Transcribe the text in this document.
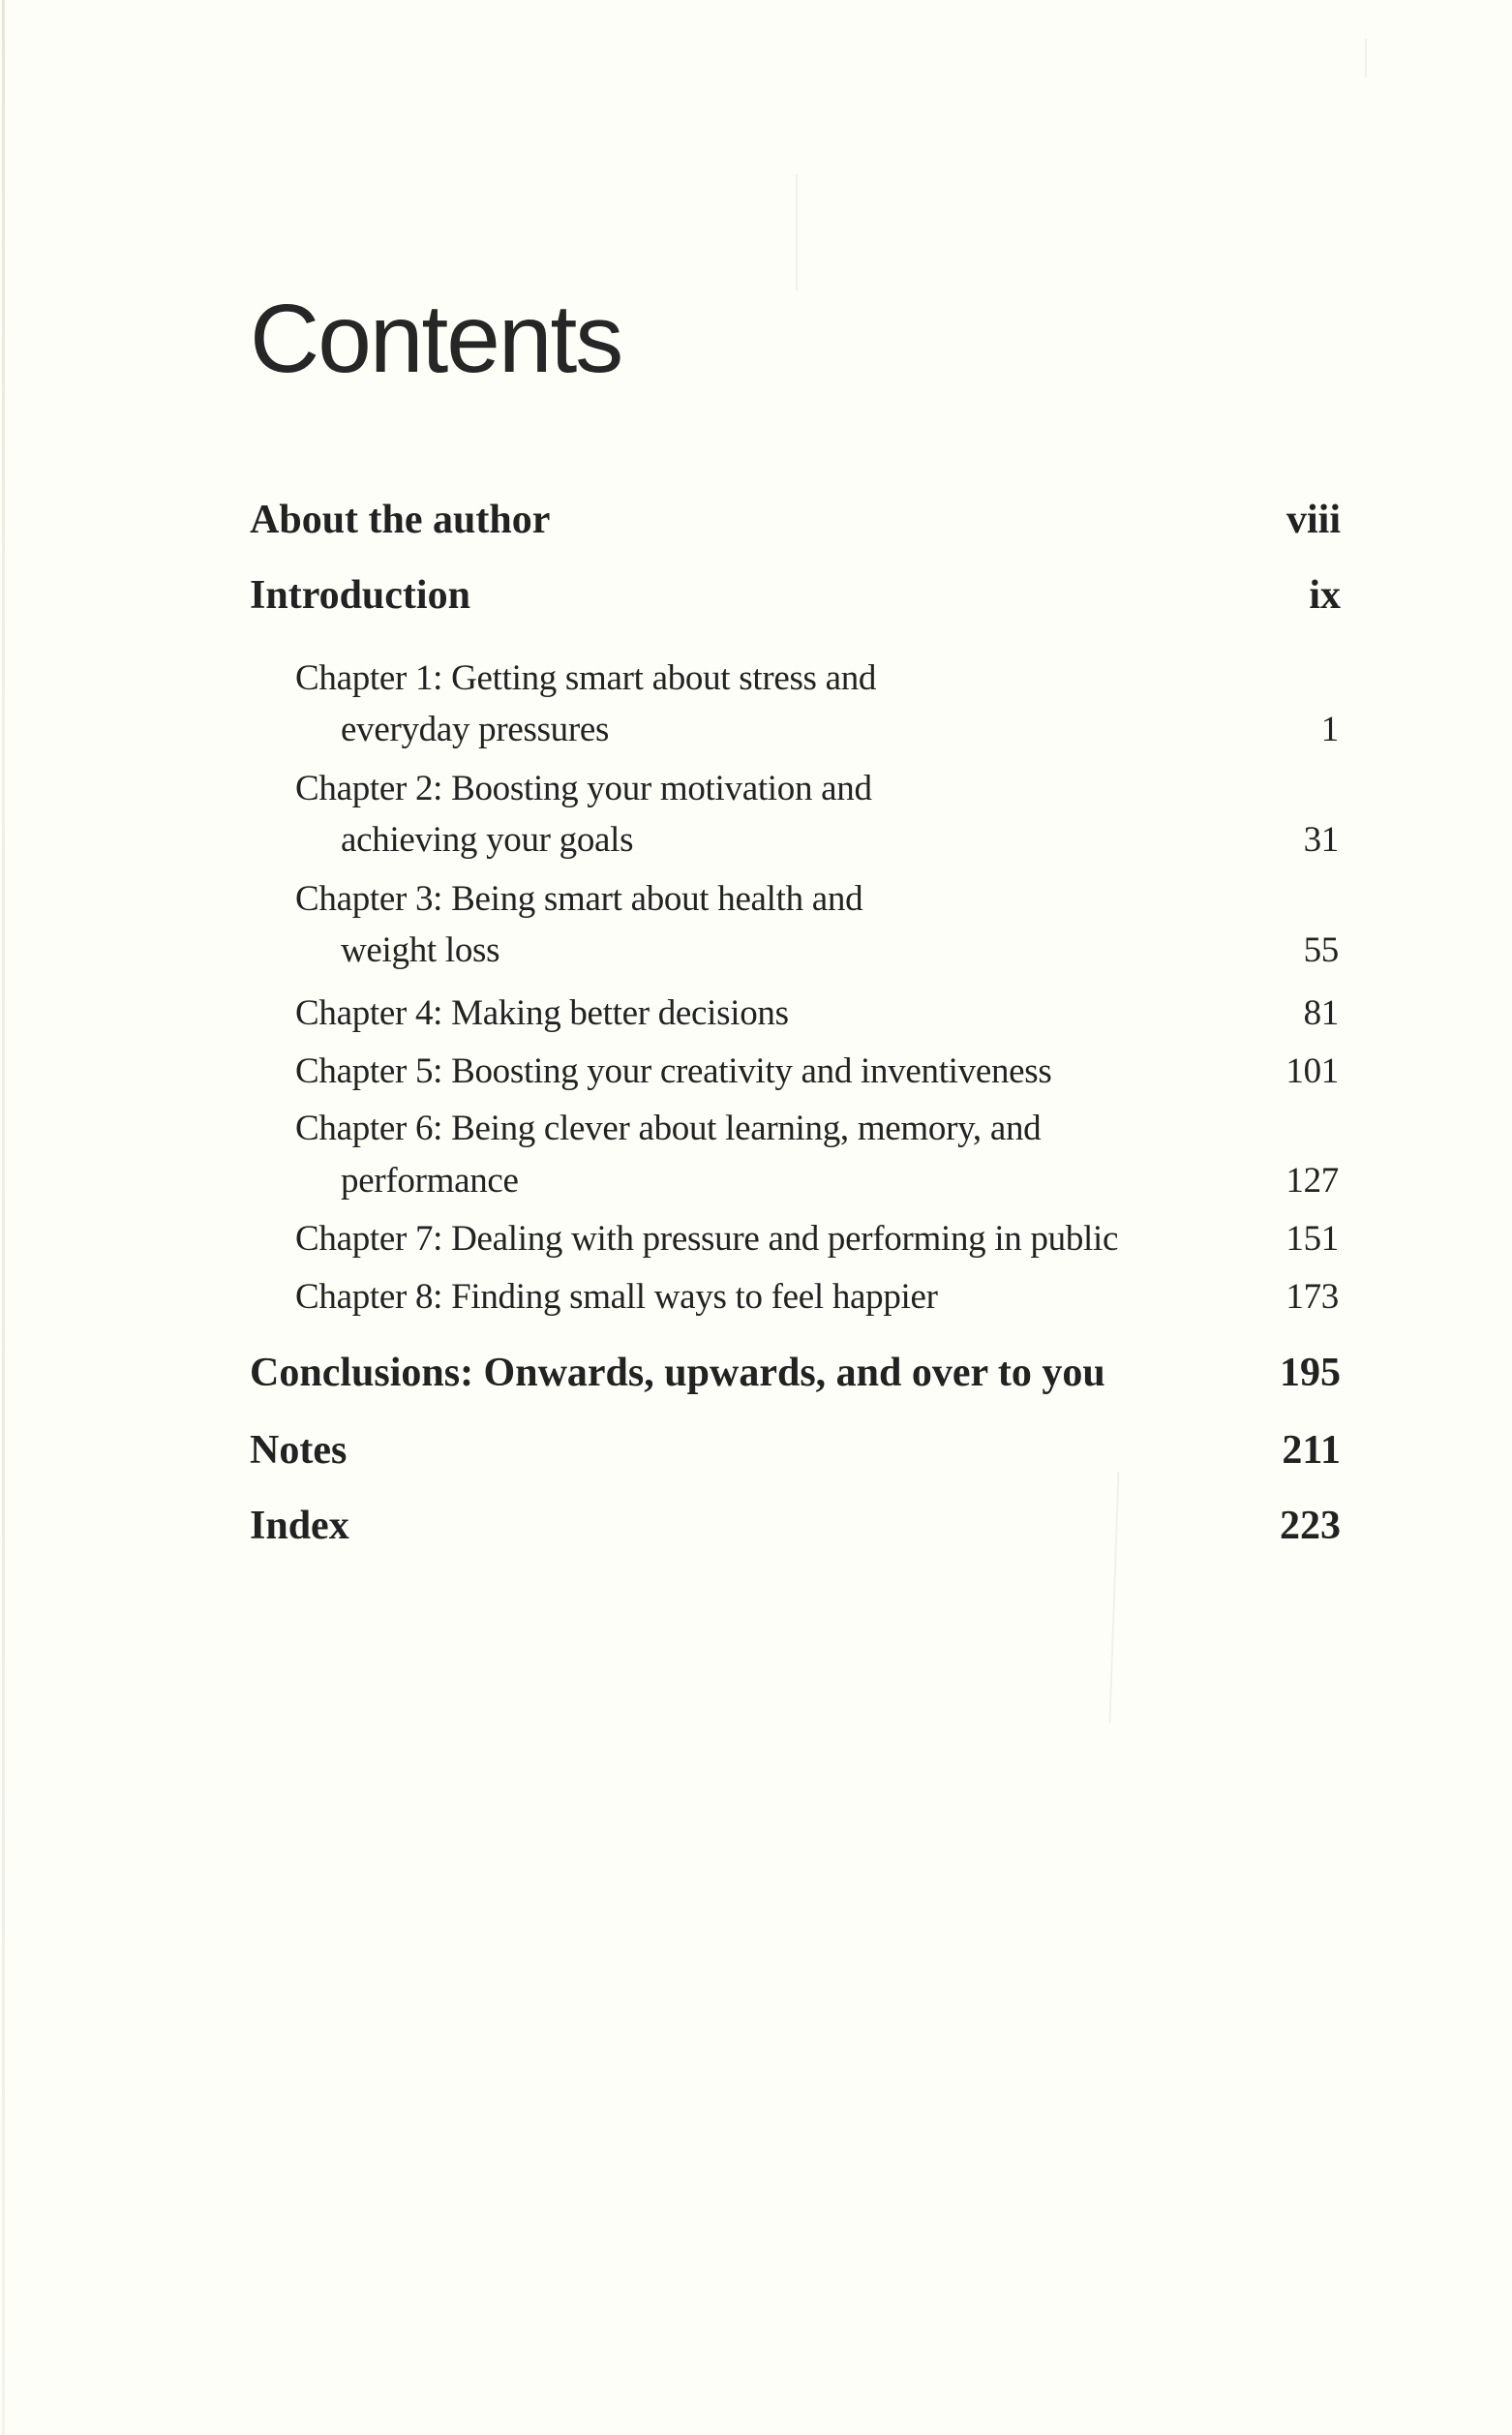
Contents
About the author	viii
Introduction	ix
Chapter 1: Getting smart about stress and
everyday pressures	1
Chapter 2: Boosting your motivation and
achieving your goals	31
Chapter 3: Being smart about health and
weight loss	55
Chapter 4: Making better decisions	81
Chapter 5: Boosting your creativity and inventiveness	101
Chapter 6: Being clever about learning, memory, and
performance	127
Chapter 7: Dealing with pressure and performing in public	151
Chapter 8: Finding small ways to feel happier	173
Conclusions: Onwards, upwards, and over to you	195
Notes	211
Index	223
